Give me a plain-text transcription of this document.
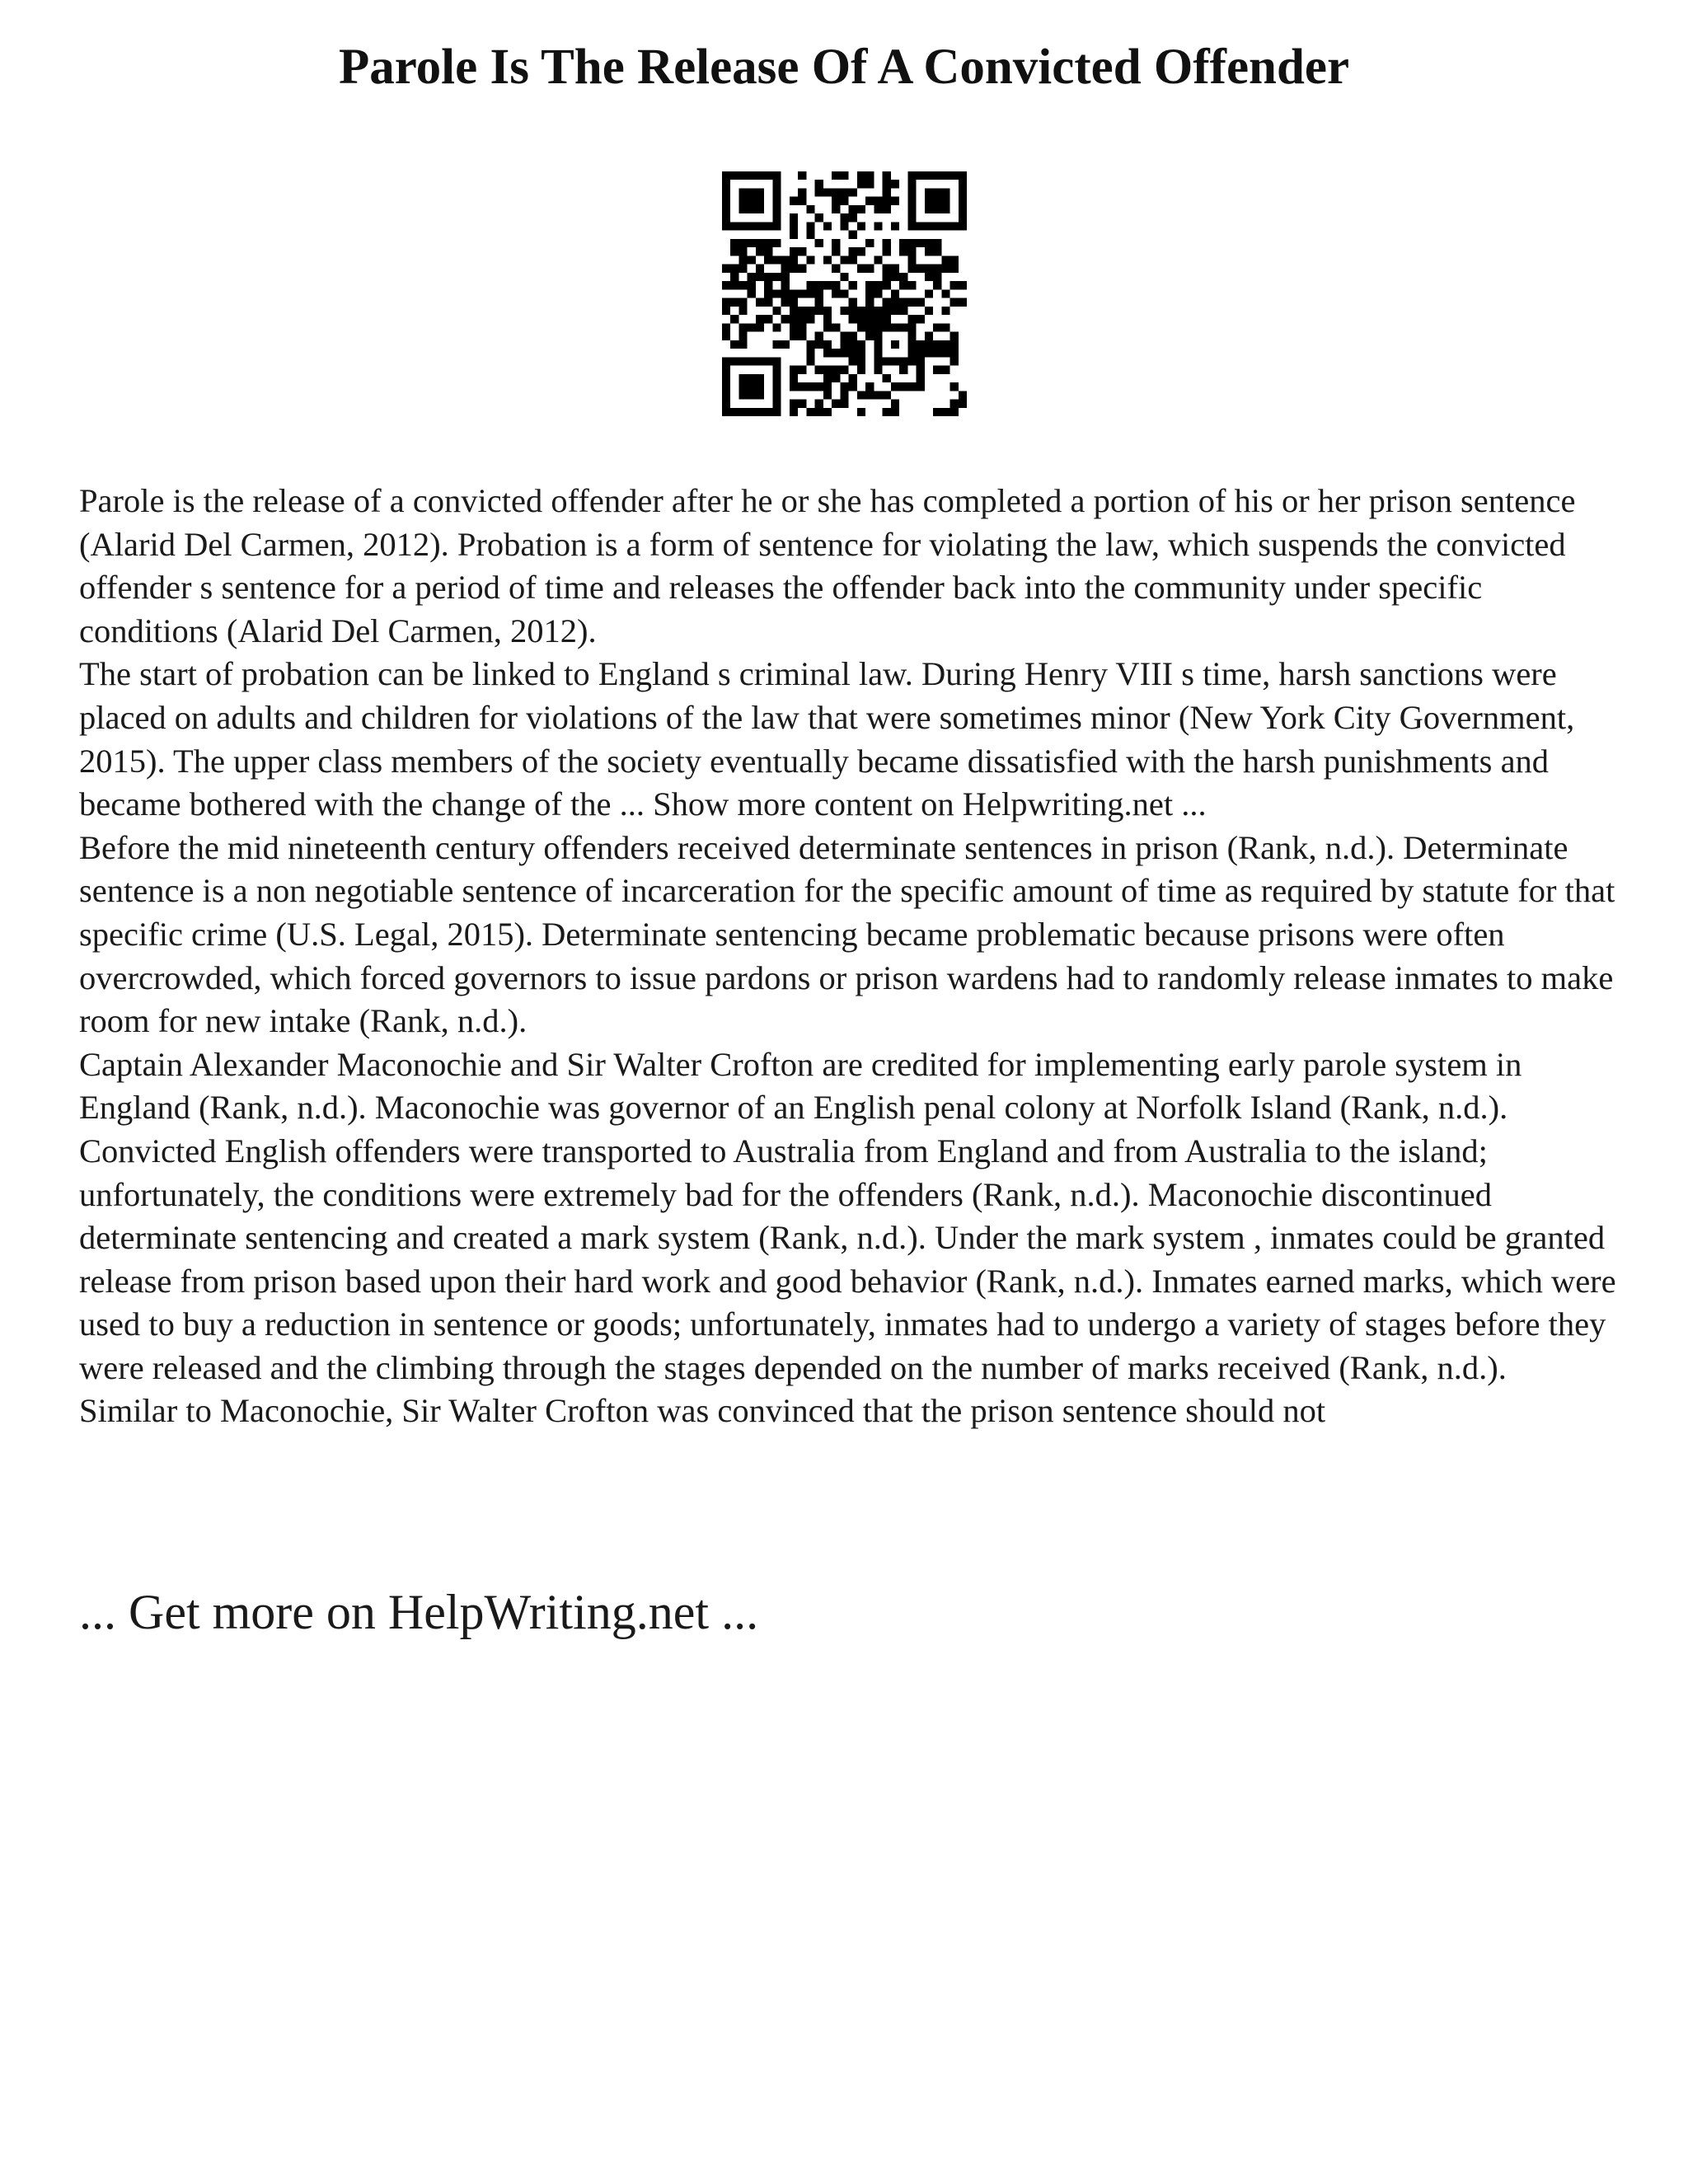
Parole Is The Release Of A Convicted Offender

Parole is the release of a convicted offender after he or she has completed a portion of his or her prison sentence (Alarid Del Carmen, 2012). Probation is a form of sentence for violating the law, which suspends the convicted offender s sentence for a period of time and releases the offender back into the community under specific conditions (Alarid Del Carmen, 2012).

The start of probation can be linked to England s criminal law. During Henry VIII s time, harsh sanctions were placed on adults and children for violations of the law that were sometimes minor (New York City Government, 2015). The upper class members of the society eventually became dissatisfied with the harsh punishments and became bothered with the change of the ... Show more content on Helpwriting.net ...

Before the mid nineteenth century offenders received determinate sentences in prison (Rank, n.d.). Determinate sentence is a non negotiable sentence of incarceration for the specific amount of time as required by statute for that specific crime (U.S. Legal, 2015). Determinate sentencing became problematic because prisons were often overcrowded, which forced governors to issue pardons or prison wardens had to randomly release inmates to make room for new intake (Rank, n.d.).

Captain Alexander Maconochie and Sir Walter Crofton are credited for implementing early parole system in England (Rank, n.d.). Maconochie was governor of an English penal colony at Norfolk Island (Rank, n.d.). Convicted English offenders were transported to Australia from England and from Australia to the island; unfortunately, the conditions were extremely bad for the offenders (Rank, n.d.). Maconochie discontinued determinate sentencing and created a mark system (Rank, n.d.). Under the mark system , inmates could be granted release from prison based upon their hard work and good behavior (Rank, n.d.). Inmates earned marks, which were used to buy a reduction in sentence or goods; unfortunately, inmates had to undergo a variety of stages before they were released and the climbing through the stages depended on the number of marks received (Rank, n.d.).

Similar to Maconochie, Sir Walter Crofton was convinced that the prison sentence should not

... Get more on HelpWriting.net ...
